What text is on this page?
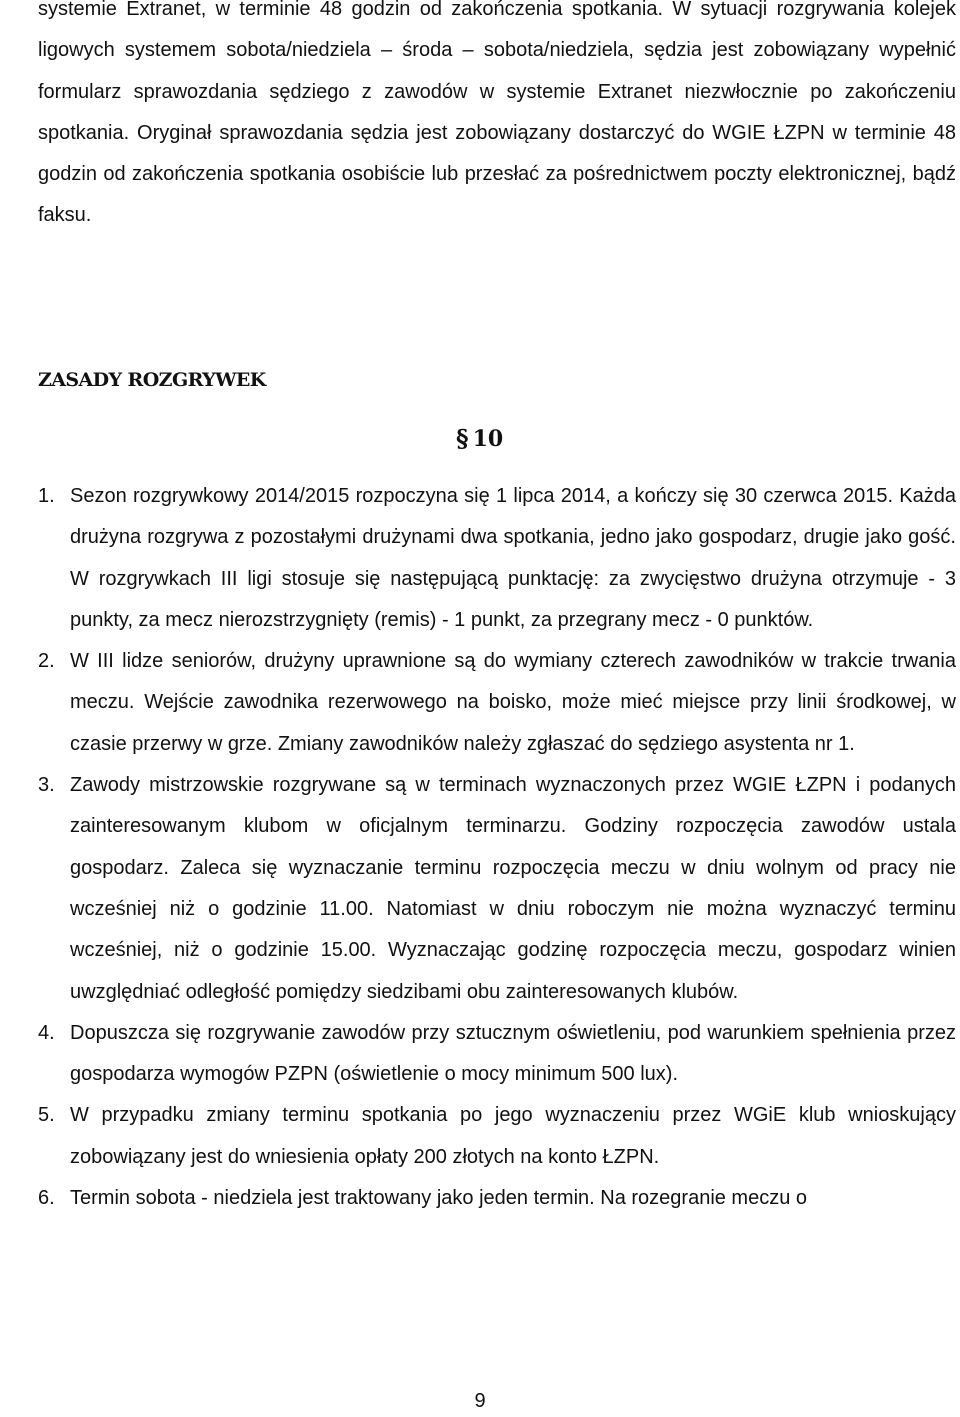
systemie Extranet, w terminie 48 godzin od zakończenia spotkania. W sytuacji rozgrywania kolejek ligowych systemem sobota/niedziela – środa – sobota/niedziela, sędzia jest zobowiązany wypełnić formularz sprawozdania sędziego z zawodów w systemie Extranet niezwłocznie po zakończeniu spotkania. Oryginał sprawozdania sędzia jest zobowiązany dostarczyć do WGIE ŁZPN w terminie 48 godzin od zakończenia spotkania osobiście lub przesłać za pośrednictwem poczty elektronicznej, bądź faksu.

ZASADY ROZGRYWEK
§ 10
1. Sezon rozgrywkowy 2014/2015 rozpoczyna się 1 lipca 2014, a kończy się 30 czerwca 2015. Każda drużyna rozgrywa z pozostałymi drużynami dwa spotkania, jedno jako gospodarz, drugie jako gość. W rozgrywkach III ligi stosuje się następującą punktację: za zwycięstwo drużyna otrzymuje - 3 punkty, za mecz nierozstrzygnięty (remis) - 1 punkt, za przegrany mecz - 0 punktów.
2. W III lidze seniorów, drużyny uprawnione są do wymiany czterech zawodników w trakcie trwania meczu. Wejście zawodnika rezerwowego na boisko, może mieć miejsce przy linii środkowej, w czasie przerwy w grze. Zmiany zawodników należy zgłaszać do sędziego asystenta nr 1.
3. Zawody mistrzowskie rozgrywane są w terminach wyznaczonych przez WGIE ŁZPN i podanych zainteresowanym klubom w oficjalnym terminarzu. Godziny rozpoczęcia zawodów ustala gospodarz. Zaleca się wyznaczanie terminu rozpoczęcia meczu w dniu wolnym od pracy nie wcześniej niż o godzinie 11.00. Natomiast w dniu roboczym nie można wyznaczyć terminu wcześniej, niż o godzinie 15.00. Wyznaczając godzinę rozpoczęcia meczu, gospodarz winien uwzględniać odległość pomiędzy siedzibami obu zainteresowanych klubów.
4. Dopuszcza się rozgrywanie zawodów przy sztucznym oświetleniu, pod warunkiem spełnienia przez gospodarza wymogów PZPN (oświetlenie o mocy minimum 500 lux).
5. W przypadku zmiany terminu spotkania po jego wyznaczeniu przez WGiE klub wnioskujący zobowiązany jest do wniesienia opłaty 200 złotych na konto ŁZPN.
6. Termin sobota - niedziela jest traktowany jako jeden termin. Na rozegranie meczu o
9
